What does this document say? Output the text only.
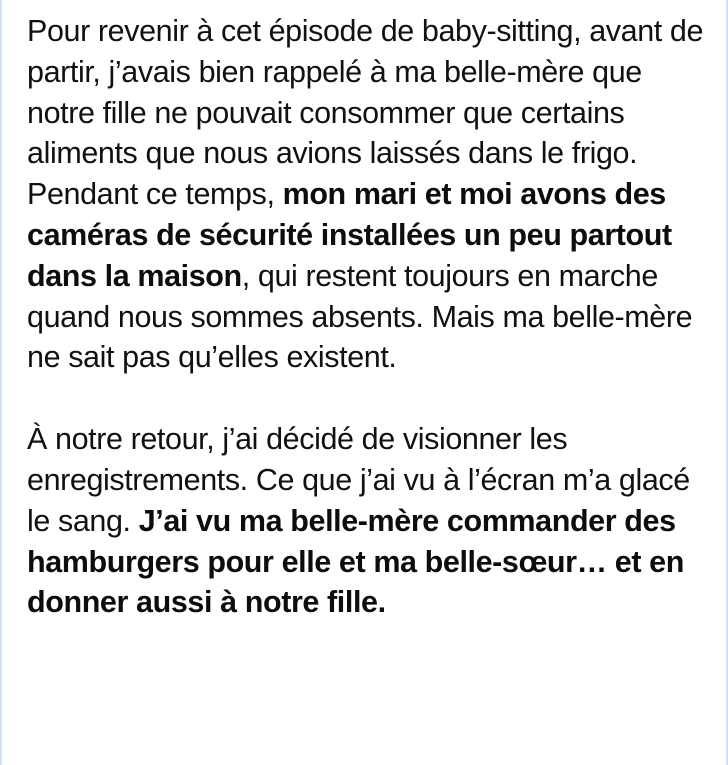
Pour revenir à cet épisode de baby-sitting, avant de partir, j’avais bien rappelé à ma belle-mère que notre fille ne pouvait consommer que certains aliments que nous avions laissés dans le frigo. Pendant ce temps, mon mari et moi avons des caméras de sécurité installées un peu partout dans la maison, qui restent toujours en marche quand nous sommes absents. Mais ma belle-mère ne sait pas qu’elles existent.

À notre retour, j’ai décidé de visionner les enregistrements. Ce que j’ai vu à l’écran m’a glacé le sang. J’ai vu ma belle-mère commander des hamburgers pour elle et ma belle-sœur… et en donner aussi à notre fille.
